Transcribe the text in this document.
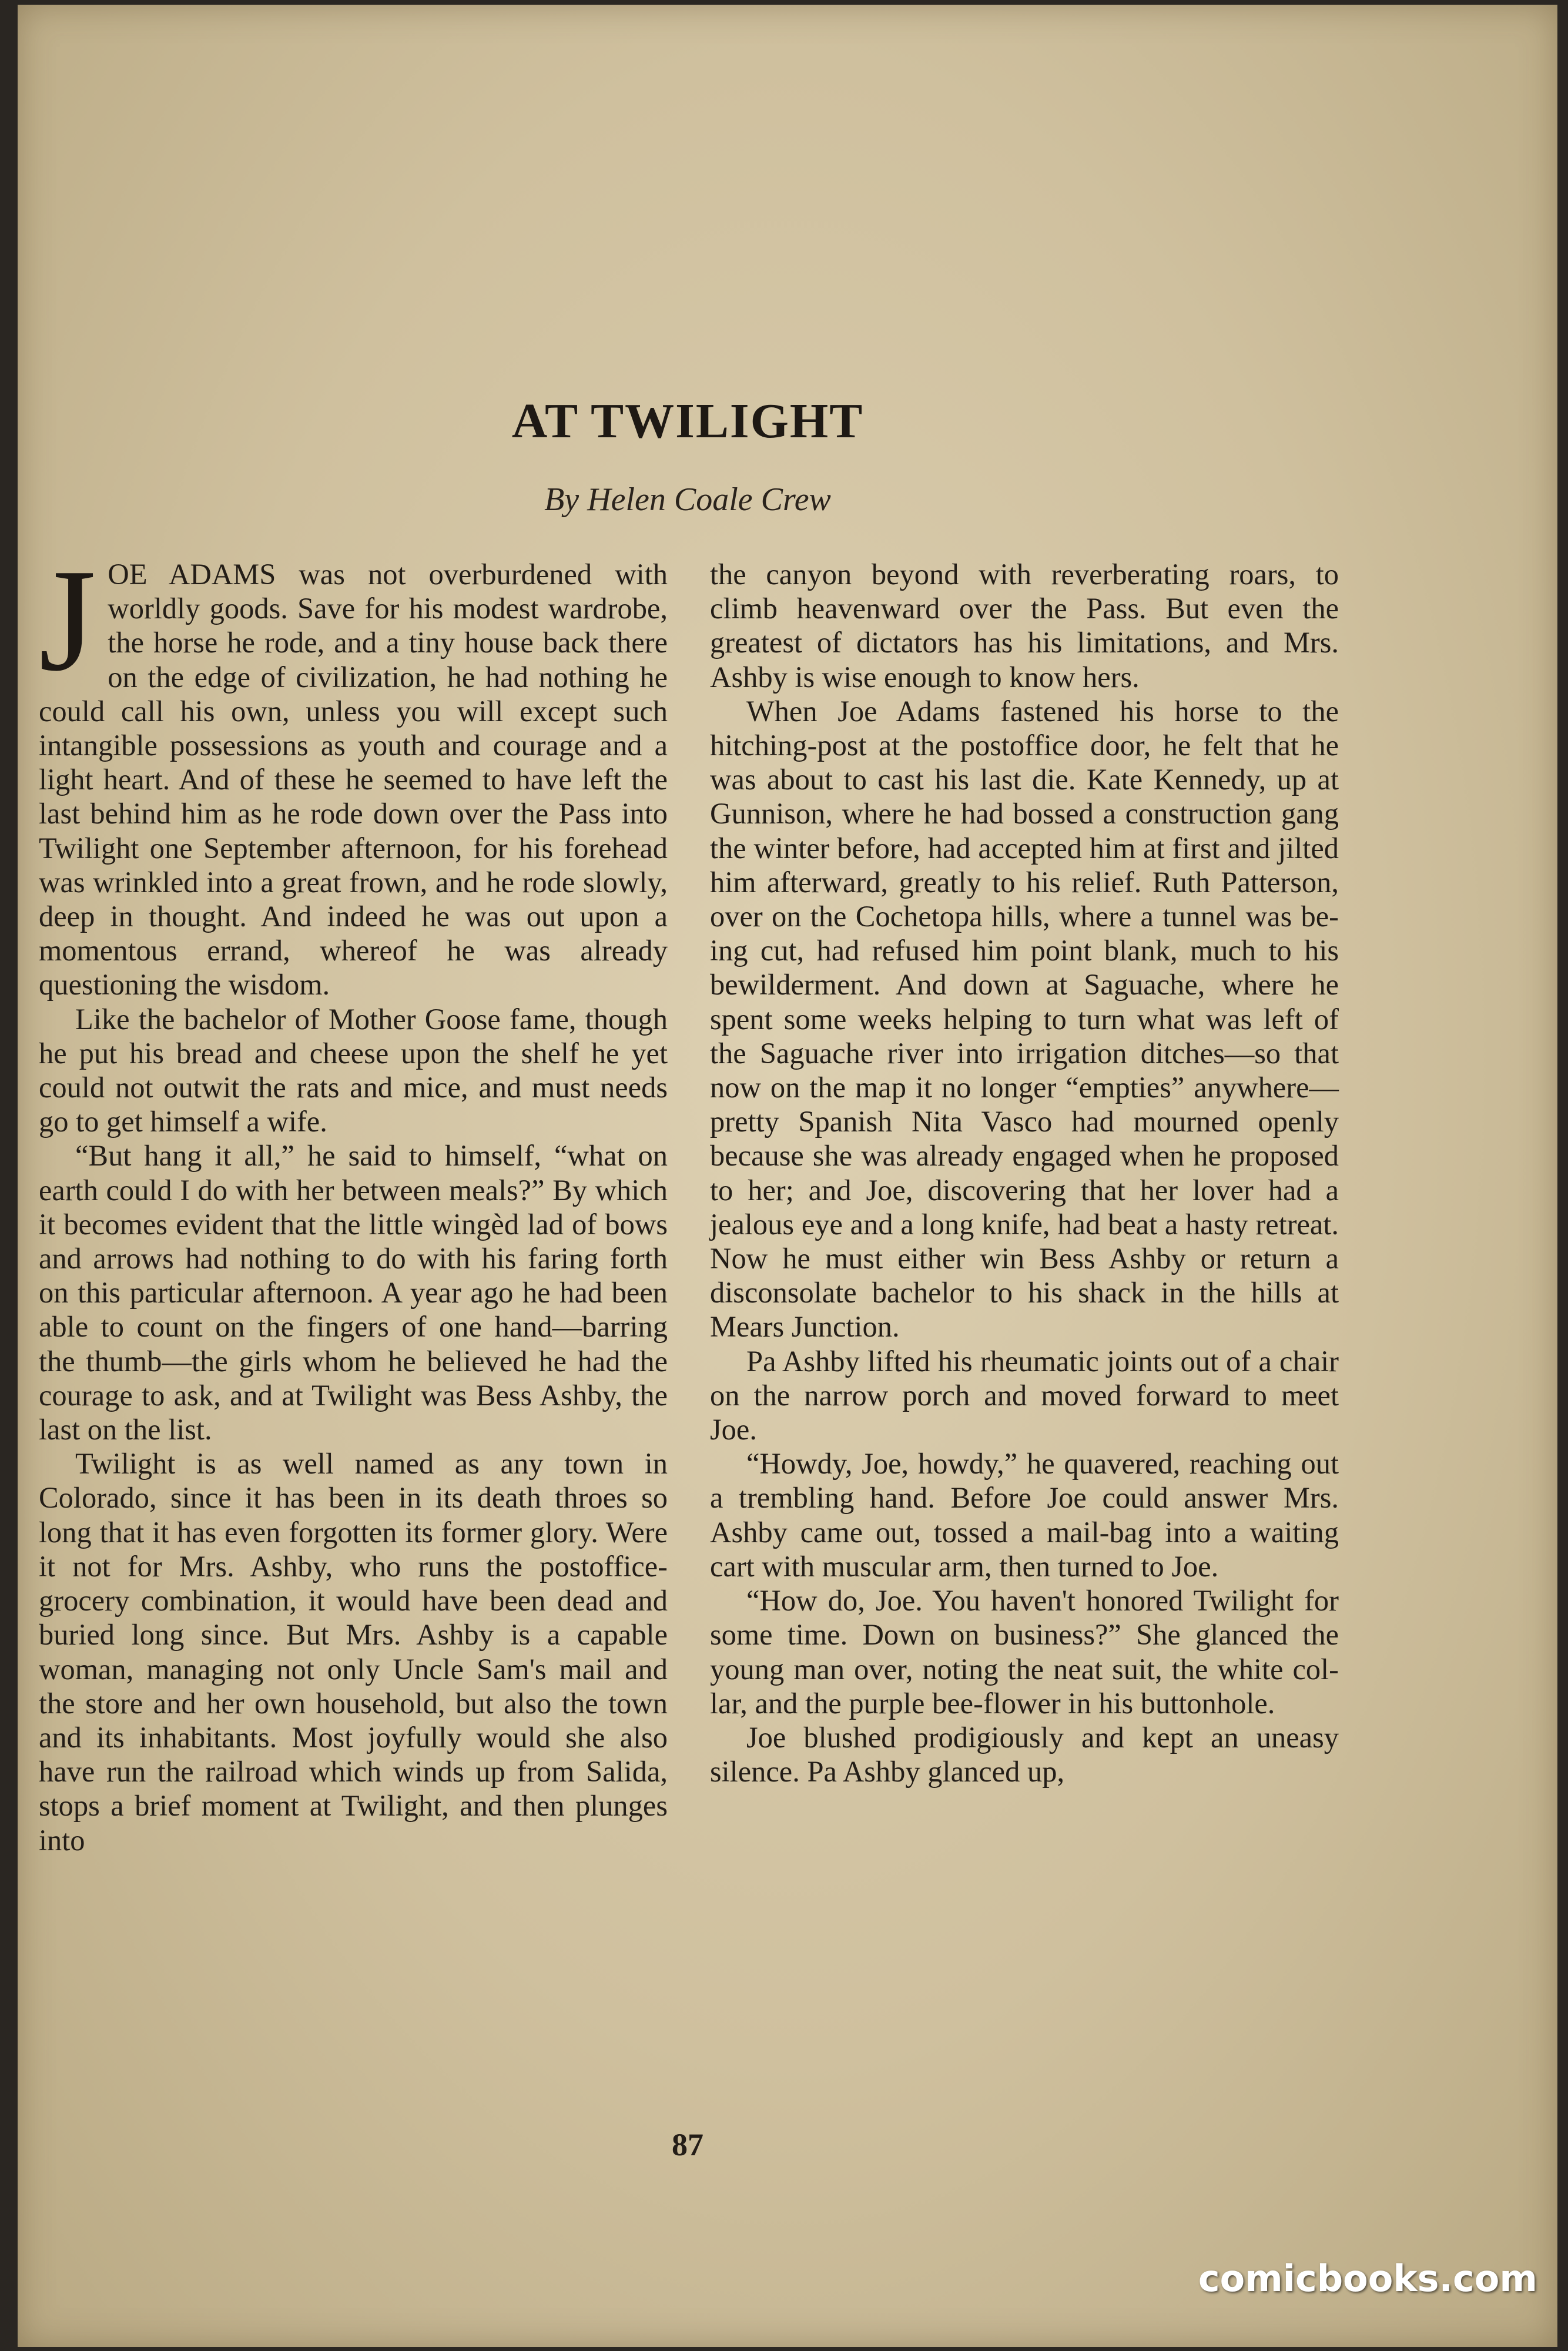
AT TWILIGHT
By Helen Coale Crew

JOE ADAMS was not overburdened with worldly goods. Save for his modest wardrobe, the horse he rode, and a tiny house back there on the edge of civilization, he had nothing he could call his own, unless you will except such intangible possessions as youth and courage and a light heart. And of these he seemed to have left the last behind him as he rode down over the Pass into Twilight one September afternoon, for his forehead was wrinkled into a great frown, and he rode slowly, deep in thought. And indeed he was out upon a momentous errand, whereof he was already questioning the wisdom.

Like the bachelor of Mother Goose fame, though he put his bread and cheese upon the shelf he yet could not outwit the rats and mice, and must needs go to get himself a wife.

“But hang it all,” he said to himself, “what on earth could I do with her between meals?” By which it becomes evident that the little wingèd lad of bows and arrows had nothing to do with his faring forth on this particular afternoon. A year ago he had been able to count on the fingers of one hand—barring the thumb—the girls whom he believed he had the courage to ask, and at Twilight was Bess Ashby, the last on the list.

Twilight is as well named as any town in Colorado, since it has been in its death throes so long that it has even forgotten its former glory. Were it not for Mrs. Ashby, who runs the postoffice-grocery combination, it would have been dead and buried long since. But Mrs. Ashby is a capable woman, managing not only Uncle Sam's mail and the store and her own household, but also the town and its inhabitants. Most joyfully would she also have run the railroad which winds up from Salida, stops a brief moment at Twilight, and then plunges into

the canyon beyond with reverberating roars, to climb heavenward over the Pass. But even the greatest of dictators has his limitations, and Mrs. Ashby is wise enough to know hers.

When Joe Adams fastened his horse to the hitching-post at the postoffice door, he felt that he was about to cast his last die. Kate Kennedy, up at Gunnison, where he had bossed a construction gang the winter before, had accepted him at first and jilted him afterward, greatly to his relief. Ruth Patterson, over on the Cochetopa hills, where a tunnel was being cut, had refused him point blank, much to his bewilderment. And down at Saguache, where he spent some weeks helping to turn what was left of the Saguache river into irrigation ditches—so that now on the map it no longer “empties” anywhere—pretty Spanish Nita Vasco had mourned openly because she was already engaged when he proposed to her; and Joe, discovering that her lover had a jealous eye and a long knife, had beat a hasty retreat. Now he must either win Bess Ashby or return a disconsolate bachelor to his shack in the hills at Mears Junction.

Pa Ashby lifted his rheumatic joints out of a chair on the narrow porch and moved forward to meet Joe.

“Howdy, Joe, howdy,” he quavered, reaching out a trembling hand. Before Joe could answer Mrs. Ashby came out, tossed a mail-bag into a waiting cart with muscular arm, then turned to Joe.

“How do, Joe. You haven't honored Twilight for some time. Down on business?” She glanced the young man over, noting the neat suit, the white collar, and the purple bee-flower in his buttonhole.

Joe blushed prodigiously and kept an uneasy silence. Pa Ashby glanced up,

87
comicbooks.com
